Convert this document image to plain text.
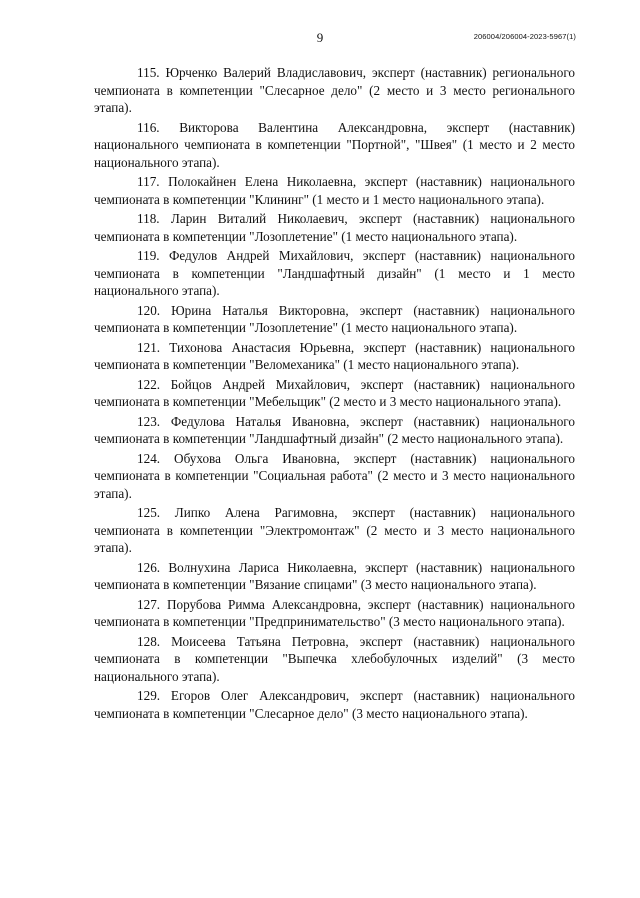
9	206004/206004-2023-5967(1)

115. Юрченко Валерий Владиславович, эксперт (наставник) регионального чемпионата в компетенции "Слесарное дело" (2 место и 3 место регионального этапа).

116. Викторова Валентина Александровна, эксперт (наставник) национального чемпионата в компетенции "Портной", "Швея" (1 место и 2 место национального этапа).

117. Полокайнен Елена Николаевна, эксперт (наставник) национального чемпионата в компетенции "Клининг" (1 место и 1 место национального этапа).

118. Ларин Виталий Николаевич, эксперт (наставник) национального чемпионата в компетенции "Лозоплетение" (1 место национального этапа).

119. Федулов Андрей Михайлович, эксперт (наставник) национального чемпионата в компетенции "Ландшафтный дизайн" (1 место и 1 место национального этапа).

120. Юрина Наталья Викторовна, эксперт (наставник) национального чемпионата в компетенции "Лозоплетение" (1 место национального этапа).

121. Тихонова Анастасия Юрьевна, эксперт (наставник) национального чемпионата в компетенции "Веломеханика" (1 место национального этапа).

122. Бойцов Андрей Михайлович, эксперт (наставник) национального чемпионата в компетенции "Мебельщик" (2 место и 3 место национального этапа).

123. Федулова Наталья Ивановна, эксперт (наставник) национального чемпионата в компетенции "Ландшафтный дизайн" (2 место национального этапа).

124. Обухова Ольга Ивановна, эксперт (наставник) национального чемпионата в компетенции "Социальная работа" (2 место и 3 место национального этапа).

125. Липко Алена Рагимовна, эксперт (наставник) национального чемпионата в компетенции "Электромонтаж" (2 место и 3 место национального этапа).

126. Волнухина Лариса Николаевна, эксперт (наставник) национального чемпионата в компетенции "Вязание спицами" (3 место национального этапа).

127. Порубова Римма Александровна, эксперт (наставник) национального чемпионата в компетенции "Предпринимательство" (3 место национального этапа).

128. Моисеева Татьяна Петровна, эксперт (наставник) национального чемпионата в компетенции "Выпечка хлебобулочных изделий" (3 место национального этапа).

129. Егоров Олег Александрович, эксперт (наставник) национального чемпионата в компетенции "Слесарное дело" (3 место национального этапа).
